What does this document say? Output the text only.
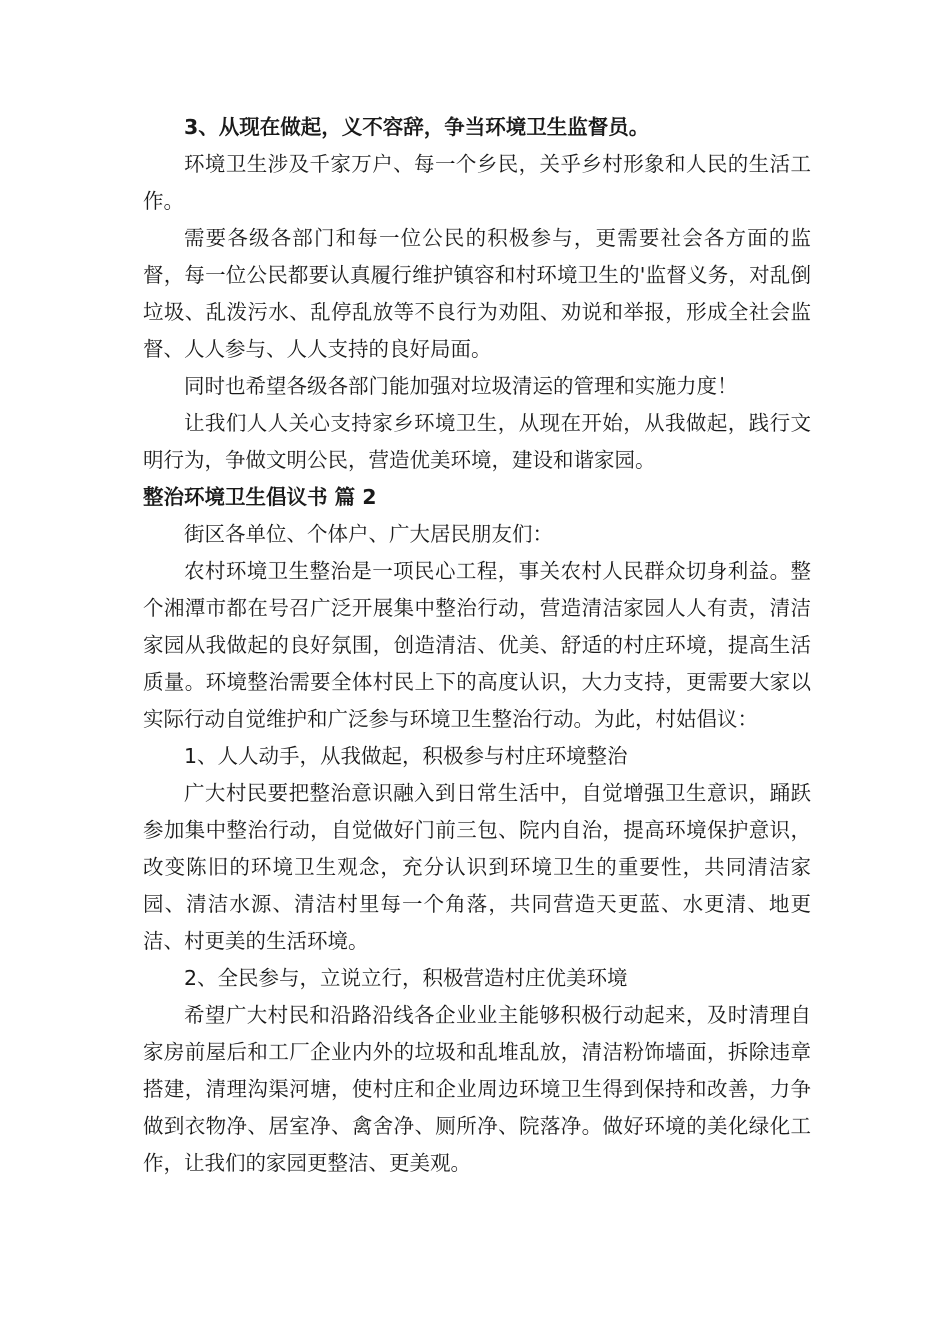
3、从现在做起，义不容辞，争当环境卫生监督员。

环境卫生涉及千家万户、每一个乡民，关乎乡村形象和人民的生活工作。

需要各级各部门和每一位公民的积极参与，更需要社会各方面的监督，每一位公民都要认真履行维护镇容和村环境卫生的'监督义务，对乱倒垃圾、乱泼污水、乱停乱放等不良行为劝阻、劝说和举报，形成全社会监督、人人参与、人人支持的良好局面。

同时也希望各级各部门能加强对垃圾清运的管理和实施力度！

让我们人人关心支持家乡环境卫生，从现在开始，从我做起，践行文明行为，争做文明公民，营造优美环境，建设和谐家园。

整治环境卫生倡议书 篇 2

街区各单位、个体户、广大居民朋友们：

农村环境卫生整治是一项民心工程，事关农村人民群众切身利益。整个湘潭市都在号召广泛开展集中整治行动，营造清洁家园人人有责，清洁家园从我做起的良好氛围，创造清洁、优美、舒适的村庄环境，提高生活质量。环境整治需要全体村民上下的高度认识，大力支持，更需要大家以实际行动自觉维护和广泛参与环境卫生整治行动。为此，村姑倡议：

1、人人动手，从我做起，积极参与村庄环境整治

广大村民要把整治意识融入到日常生活中，自觉增强卫生意识，踊跃参加集中整治行动，自觉做好门前三包、院内自治，提高环境保护意识，改变陈旧的环境卫生观念，充分认识到环境卫生的重要性，共同清洁家园、清洁水源、清洁村里每一个角落，共同营造天更蓝、水更清、地更洁、村更美的生活环境。

2、全民参与，立说立行，积极营造村庄优美环境

希望广大村民和沿路沿线各企业业主能够积极行动起来，及时清理自家房前屋后和工厂企业内外的垃圾和乱堆乱放，清洁粉饰墙面，拆除违章搭建，清理沟渠河塘，使村庄和企业周边环境卫生得到保持和改善，力争做到衣物净、居室净、禽舍净、厕所净、院落净。做好环境的美化绿化工作，让我们的家园更整洁、更美观。
